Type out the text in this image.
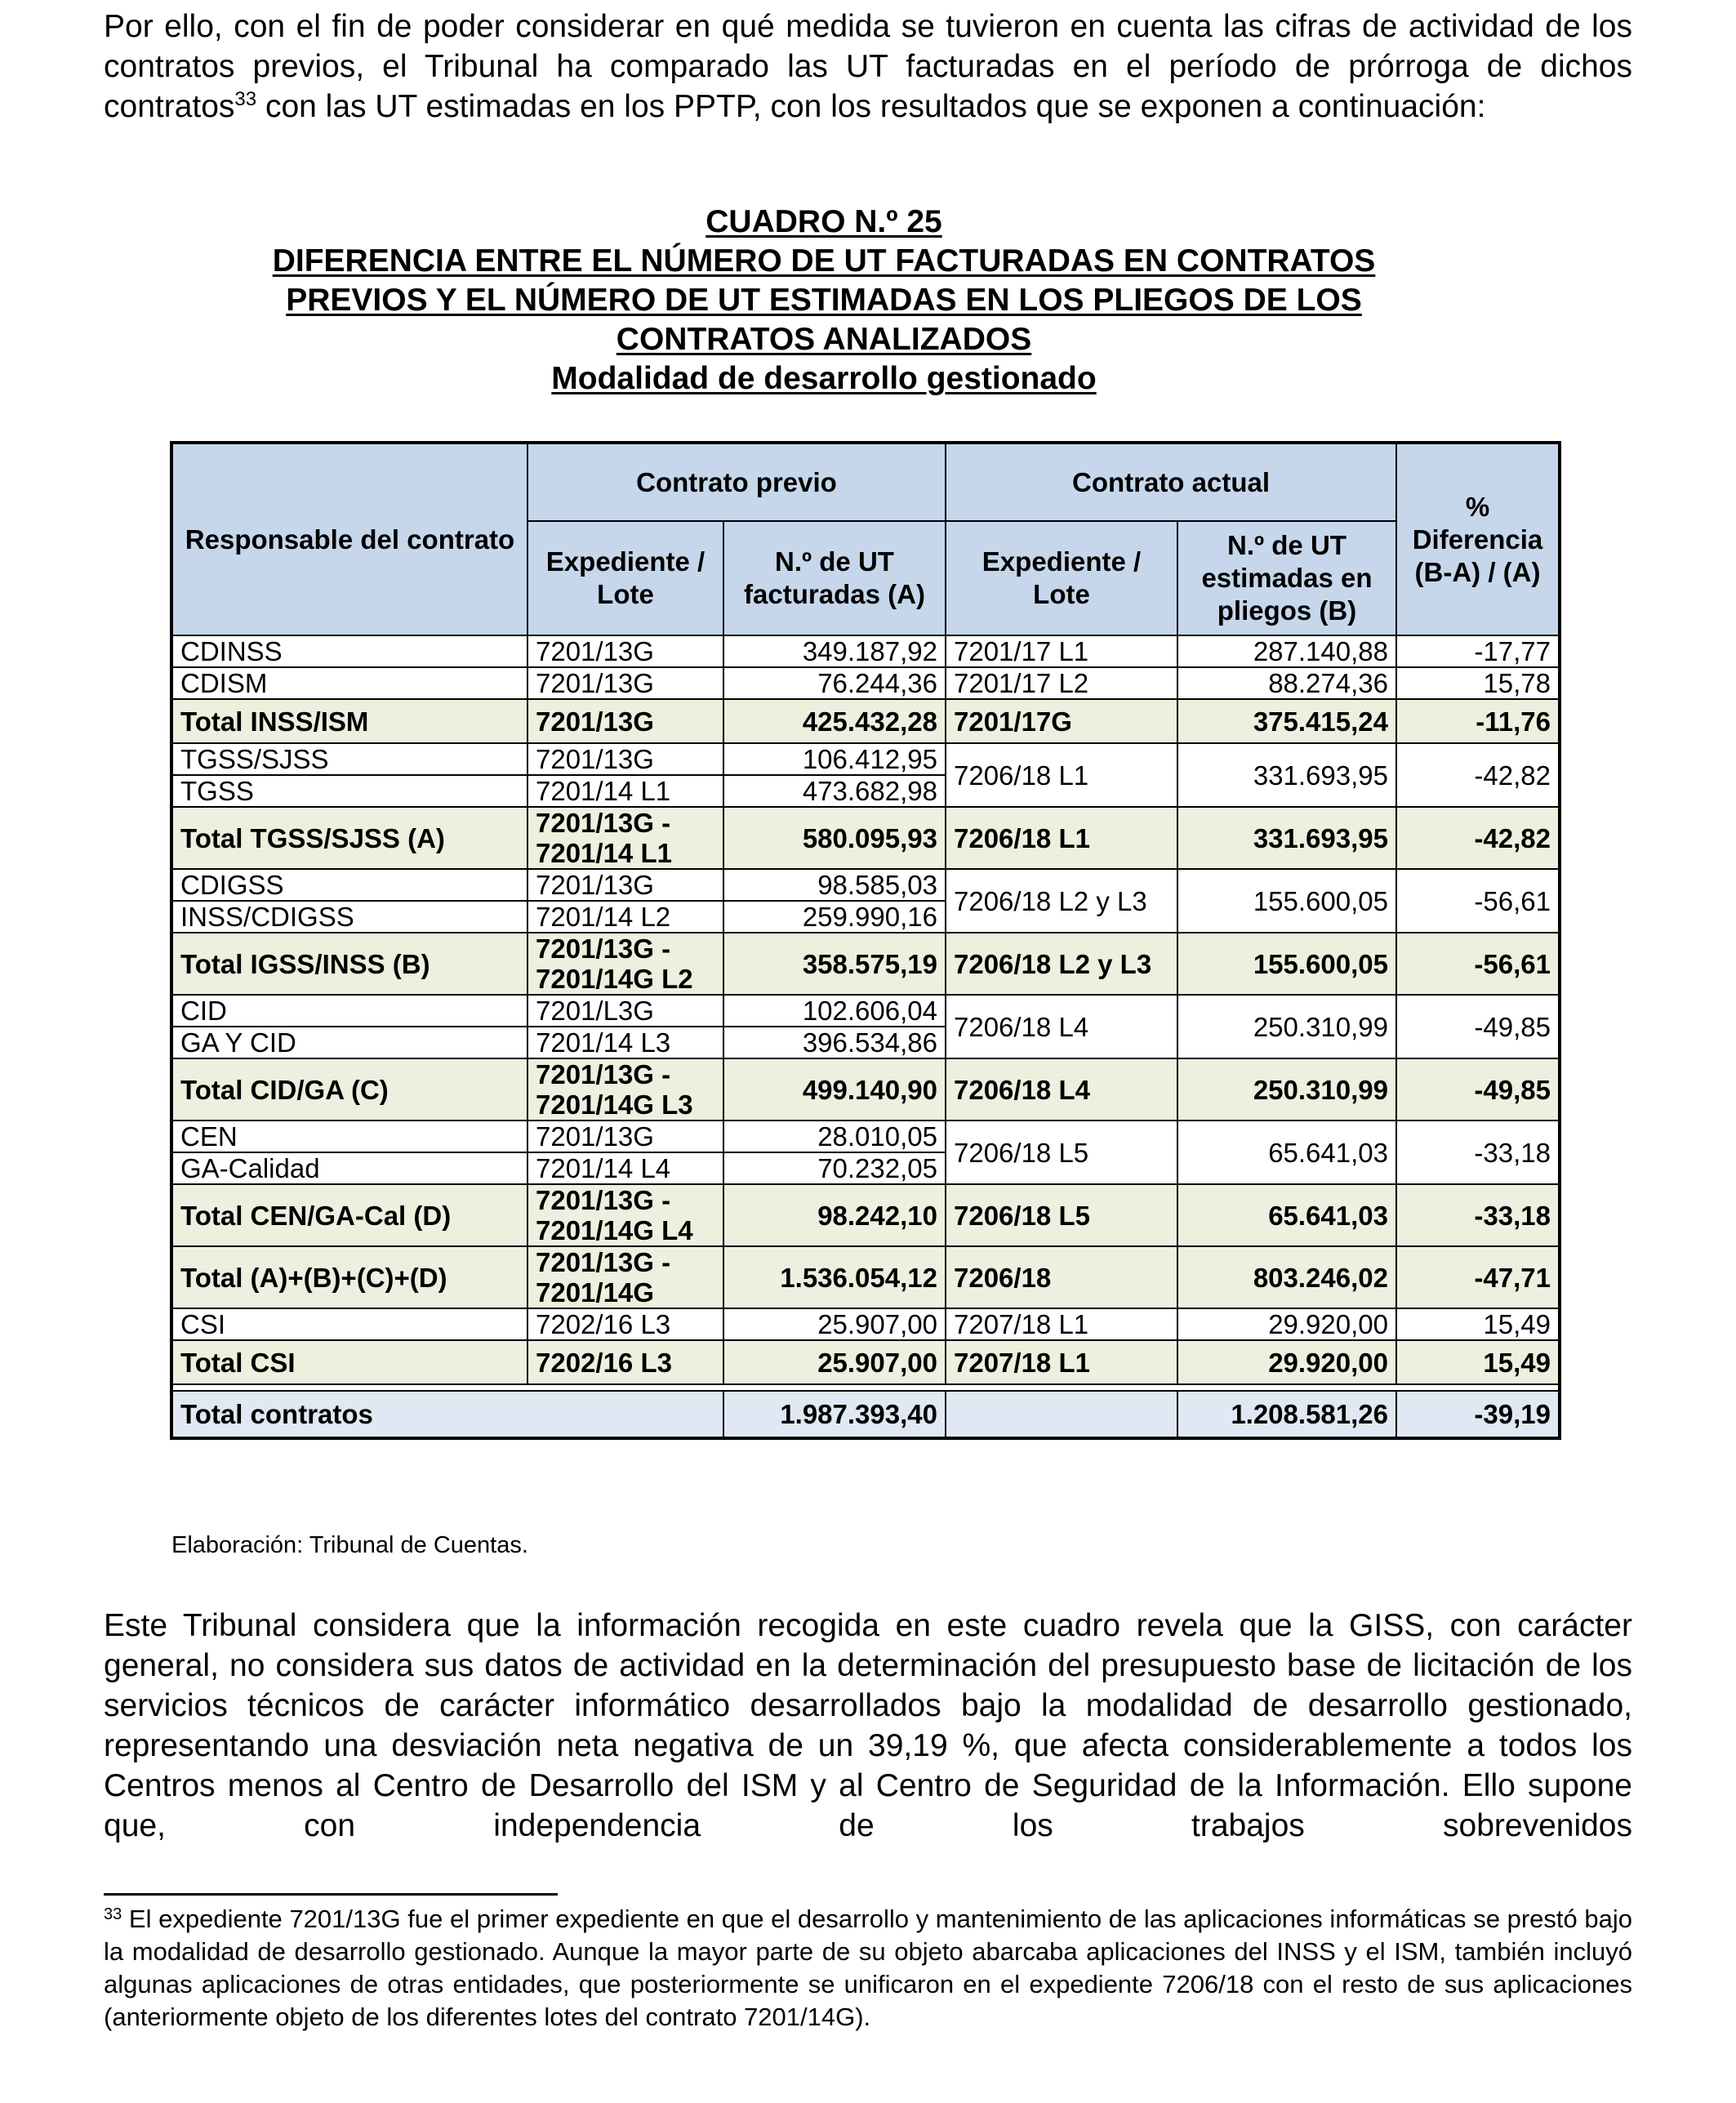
Por ello, con el fin de poder considerar en qué medida se tuvieron en cuenta las cifras de actividad de los contratos previos, el Tribunal ha comparado las UT facturadas en el período de prórroga de dichos contratos$^{33}$ con las UT estimadas en los PPTP, con los resultados que se exponen a continuación:

CUADRO N.º 25
DIFERENCIA ENTRE EL NÚMERO DE UT FACTURADAS EN CONTRATOS
PREVIOS Y EL NÚMERO DE UT ESTIMADAS EN LOS PLIEGOS DE LOS
CONTRATOS ANALIZADOS
Modalidad de desarrollo gestionado
Responsable del contrato	Contrato previo		Contrato actual		% Diferencia (B-A) / (A)
	Expediente / Lote	N.º de UT facturadas (A)	Expediente / Lote	N.º de UT estimadas en pliegos (B)	
CDINSS	7201/13G	349.187,92	7201/17 L1	287.140,88	-17,77
CDISM	7201/13G	76.244,36	7201/17 L2	88.274,36	15,78
Total INSS/ISM	7201/13G	425.432,28	7201/17G	375.415,24	-11,76
TGSS/SJSS	7201/13G	106.412,95	7206/18 L1	331.693,95	-42,82
TGSS	7201/14 L1	473.682,98			
Total TGSS/SJSS (A)	7201/13G - 7201/14 L1	580.095,93	7206/18 L1	331.693,95	-42,82
CDIGSS	7201/13G	98.585,03	7206/18 L2 y L3	155.600,05	-56,61
INSS/CDIGSS	7201/14 L2	259.990,16			
Total IGSS/INSS (B)	7201/13G - 7201/14G L2	358.575,19	7206/18 L2 y L3	155.600,05	-56,61
CID	7201/L3G	102.606,04	7206/18 L4	250.310,99	-49,85
GA Y CID	7201/14 L3	396.534,86			
Total CID/GA (C)	7201/13G - 7201/14G L3	499.140,90	7206/18 L4	250.310,99	-49,85
CEN	7201/13G	28.010,05	7206/18 L5	65.641,03	-33,18
GA-Calidad	7201/14 L4	70.232,05			
Total CEN/GA-Cal (D)	7201/13G - 7201/14G L4	98.242,10	7206/18 L5	65.641,03	-33,18
Total (A)+(B)+(C)+(D)	7201/13G - 7201/14G	1.536.054,12	7206/18	803.246,02	-47,71
CSI	7202/16 L3	25.907,00	7207/18 L1	29.920,00	15,49
Total CSI	7202/16 L3	25.907,00	7207/18 L1	29.920,00	15,49

Total contratos		1.987.393,40		1.208.581,26	-39,19
Elaboración: Tribunal de Cuentas.

Este Tribunal considera que la información recogida en este cuadro revela que la GISS, con carácter general, no considera sus datos de actividad en la determinación del presupuesto base de licitación de los servicios técnicos de carácter informático desarrollados bajo la modalidad de desarrollo gestionado, representando una desviación neta negativa de un 39,19 %, que afecta considerablemente a todos los Centros menos al Centro de Desarrollo del ISM y al Centro de Seguridad de la Información. Ello supone que, con independencia de los trabajos sobrevenidos

$^{33}$ El expediente 7201/13G fue el primer expediente en que el desarrollo y mantenimiento de las aplicaciones informáticas se prestó bajo la modalidad de desarrollo gestionado. Aunque la mayor parte de su objeto abarcaba aplicaciones del INSS y el ISM, también incluyó algunas aplicaciones de otras entidades, que posteriormente se unificaron en el expediente 7206/18 con el resto de sus aplicaciones (anteriormente objeto de los diferentes lotes del contrato 7201/14G).
